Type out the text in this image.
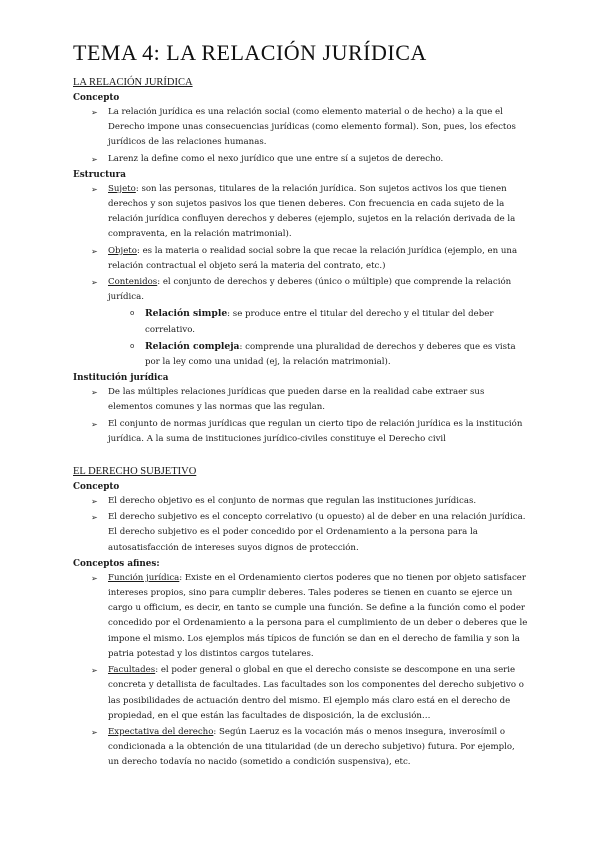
TEMA 4: LA RELACIÓN JURÍDICA
LA RELACIÓN JURÍDICA
Concepto
➢ La relación jurídica es una relación social (como elemento material o de hecho) a la que el Derecho impone unas consecuencias jurídicas (como elemento formal). Son, pues, los efectos jurídicos de las relaciones humanas.
➢ Larenz la define como el nexo jurídico que une entre sí a sujetos de derecho.
Estructura
➢ Sujeto: son las personas, titulares de la relación jurídica. Son sujetos activos los que tienen derechos y son sujetos pasivos los que tienen deberes. Con frecuencia en cada sujeto de la relación jurídica confluyen derechos y deberes (ejemplo, sujetos en la relación derivada de la compraventa, en la relación matrimonial).
➢ Objeto: es la materia o realidad social sobre la que recae la relación jurídica (ejemplo, en una relación contractual el objeto será la materia del contrato, etc.)
➢ Contenidos: el conjunto de derechos y deberes (único o múltiple) que comprende la relación jurídica.
o Relación simple: se produce entre el titular del derecho y el titular del deber correlativo.
o Relación compleja: comprende una pluralidad de derechos y deberes que es vista por la ley como una unidad (ej, la relación matrimonial).
Institución jurídica
➢ De las múltiples relaciones jurídicas que pueden darse en la realidad cabe extraer sus elementos comunes y las normas que las regulan.
➢ El conjunto de normas jurídicas que regulan un cierto tipo de relación jurídica es la institución jurídica. A la suma de instituciones jurídico-civiles constituye el Derecho civil
EL DERECHO SUBJETIVO
Concepto
➢ El derecho objetivo es el conjunto de normas que regulan las instituciones jurídicas.
➢ El derecho subjetivo es el concepto correlativo (u opuesto) al de deber en una relación jurídica. El derecho subjetivo es el poder concedido por el Ordenamiento a la persona para la autosatisfacción de intereses suyos dignos de protección.
Conceptos afines:
➢ Función jurídica: Existe en el Ordenamiento ciertos poderes que no tienen por objeto satisfacer intereses propios, sino para cumplir deberes. Tales poderes se tienen en cuanto se ejerce un cargo u officium, es decir, en tanto se cumple una función. Se define a la función como el poder concedido por el Ordenamiento a la persona para el cumplimiento de un deber o deberes que le impone el mismo. Los ejemplos más típicos de función se dan en el derecho de familia y son la patria potestad y los distintos cargos tutelares.
➢ Facultades: el poder general o global en que el derecho consiste se descompone en una serie concreta y detallista de facultades. Las facultades son los componentes del derecho subjetivo o las posibilidades de actuación dentro del mismo. El ejemplo más claro está en el derecho de propiedad, en el que están las facultades de disposición, la de exclusión…
➢ Expectativa del derecho: Según Laeruz es la vocación más o menos insegura, inverosímil o condicionada a la obtención de una titularidad (de un derecho subjetivo) futura. Por ejemplo, un derecho todavía no nacido (sometido a condición suspensiva), etc.
